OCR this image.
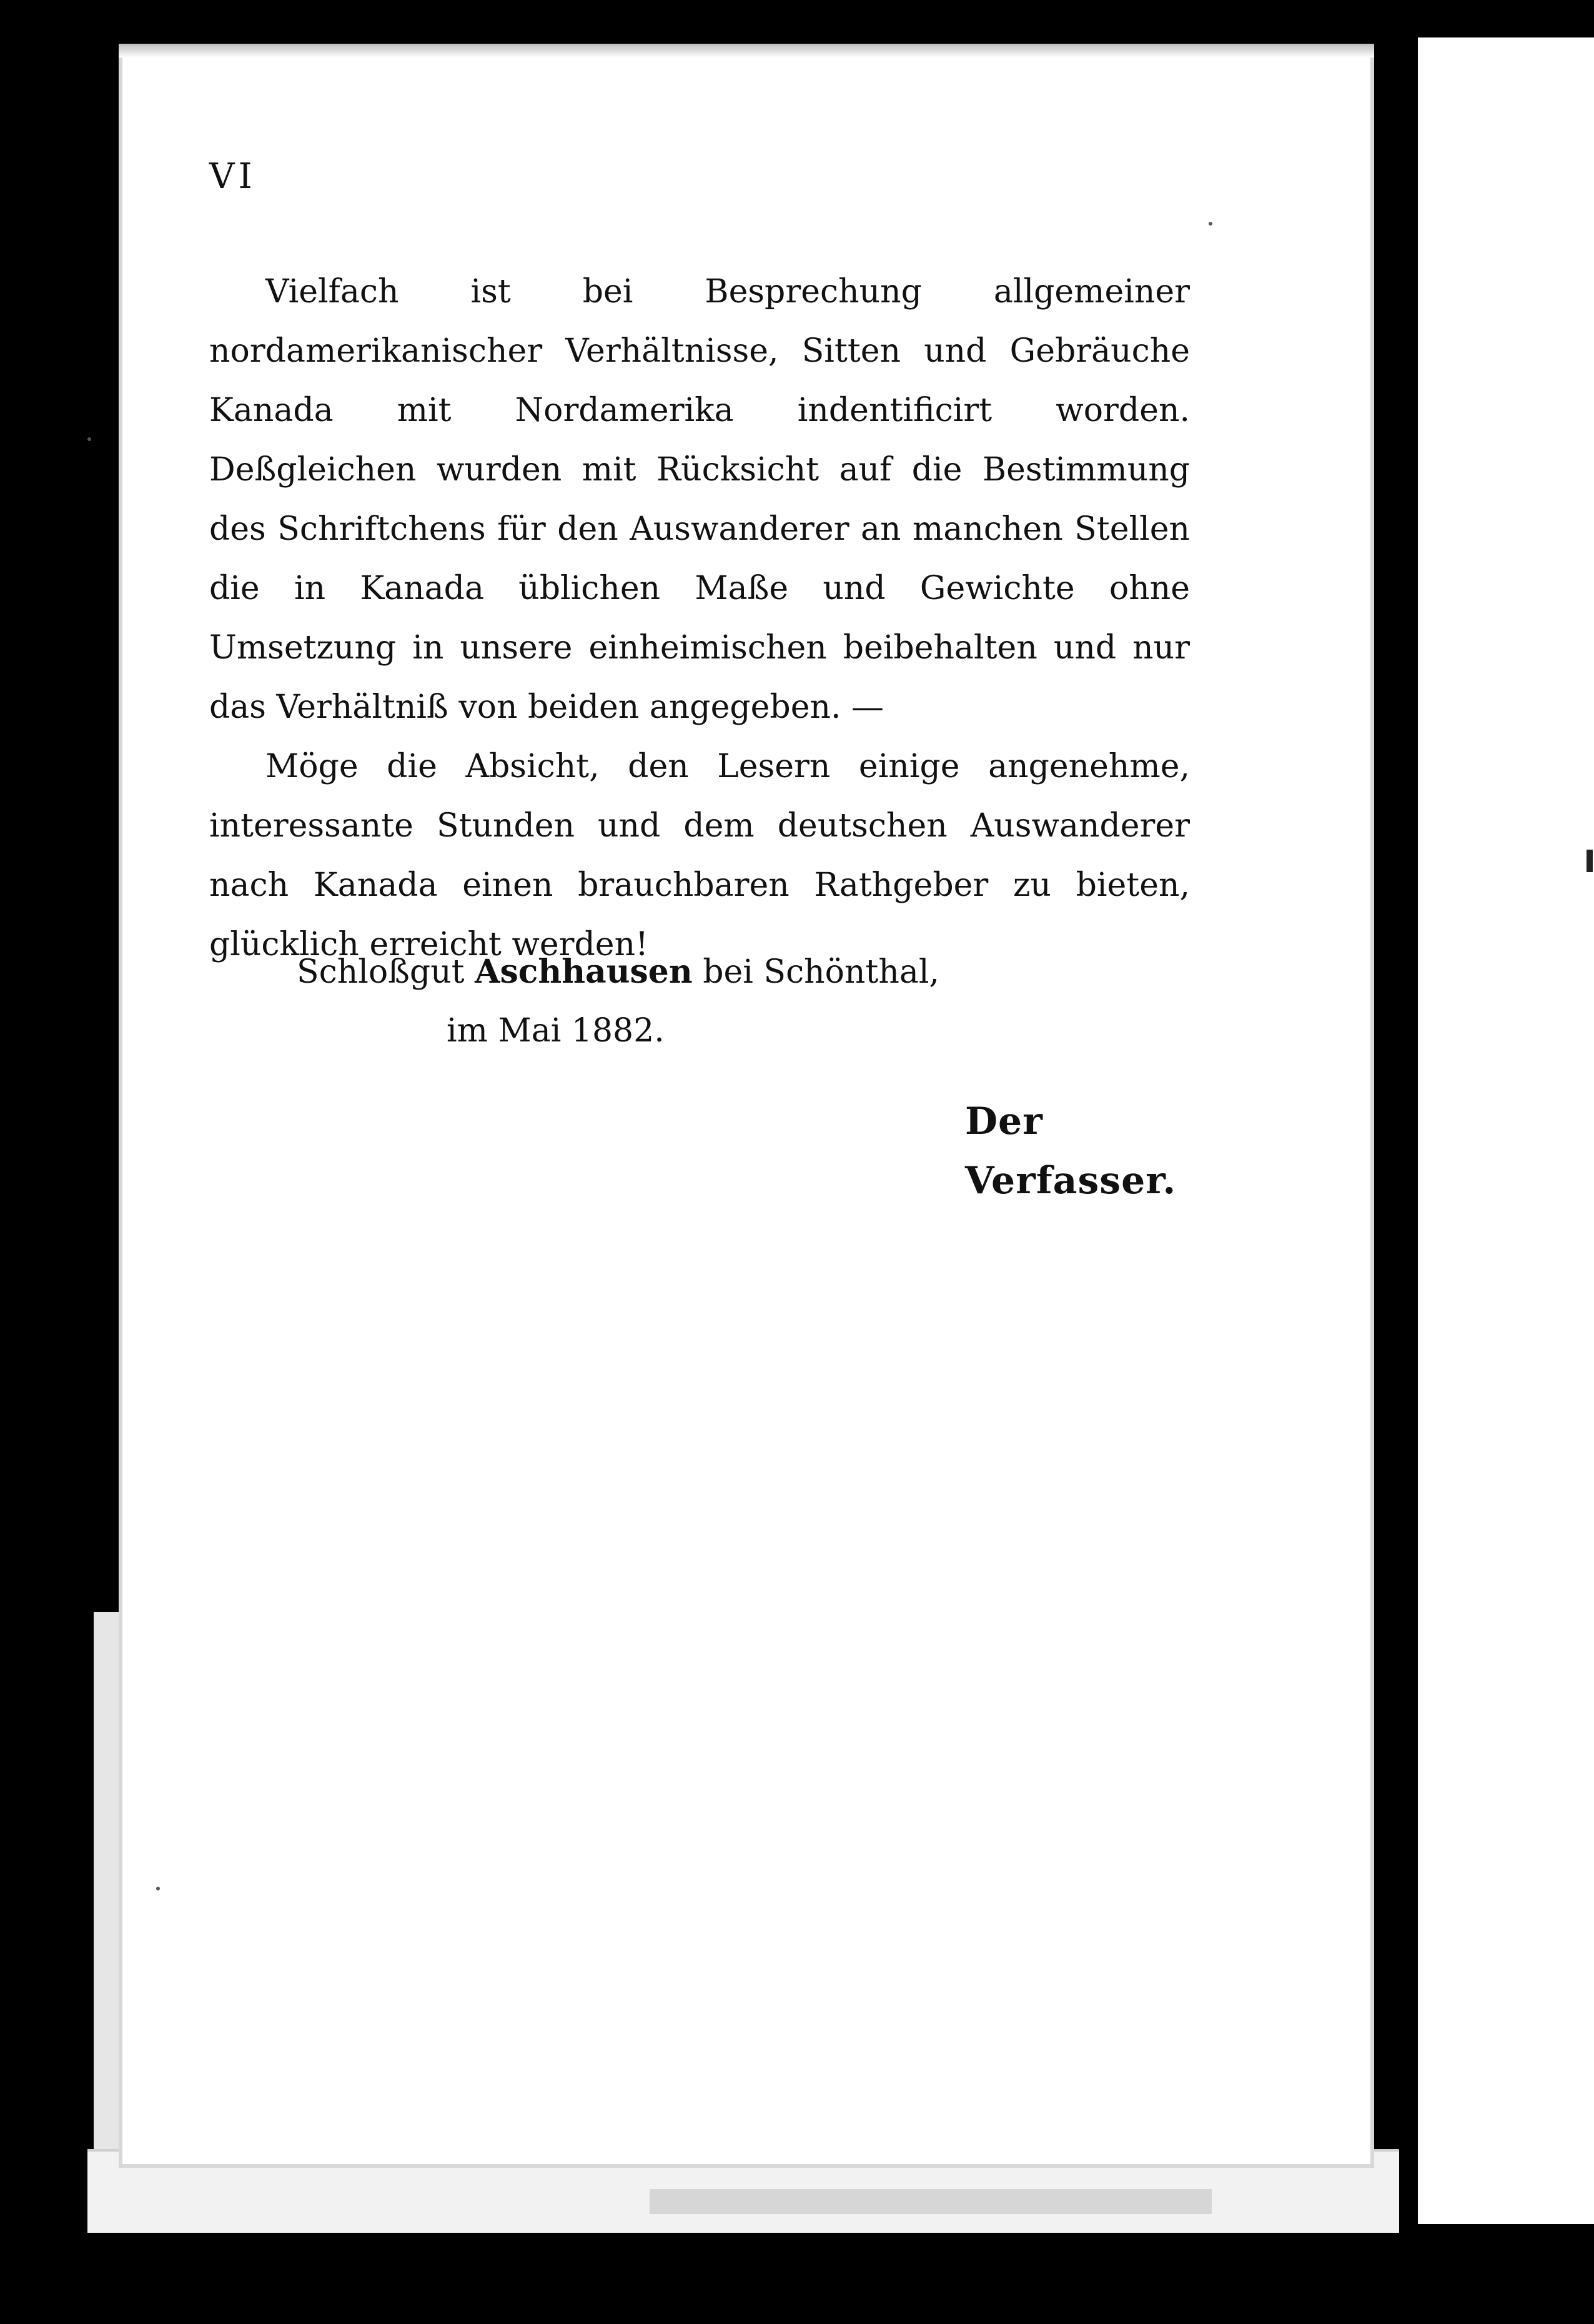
VI

Vielfach ist bei Besprechung allgemeiner nordamerikanischer Verhältnisse, Sitten und Gebräuche Kanada mit Nordamerika indentificirt worden. Deßgleichen wurden mit Rücksicht auf die Bestimmung des Schriftchens für den Auswanderer an manchen Stellen die in Kanada üblichen Maße und Gewichte ohne Umsetzung in unsere einheimischen beibehalten und nur das Verhältniß von beiden angegeben. —

Möge die Absicht, den Lesern einige angenehme, interessante Stunden und dem deutschen Auswanderer nach Kanada einen brauchbaren Rathgeber zu bieten, glücklich erreicht werden!

Schloßgut Aschhausen bei Schönthal,
im Mai 1882.
Der Verfasser.
